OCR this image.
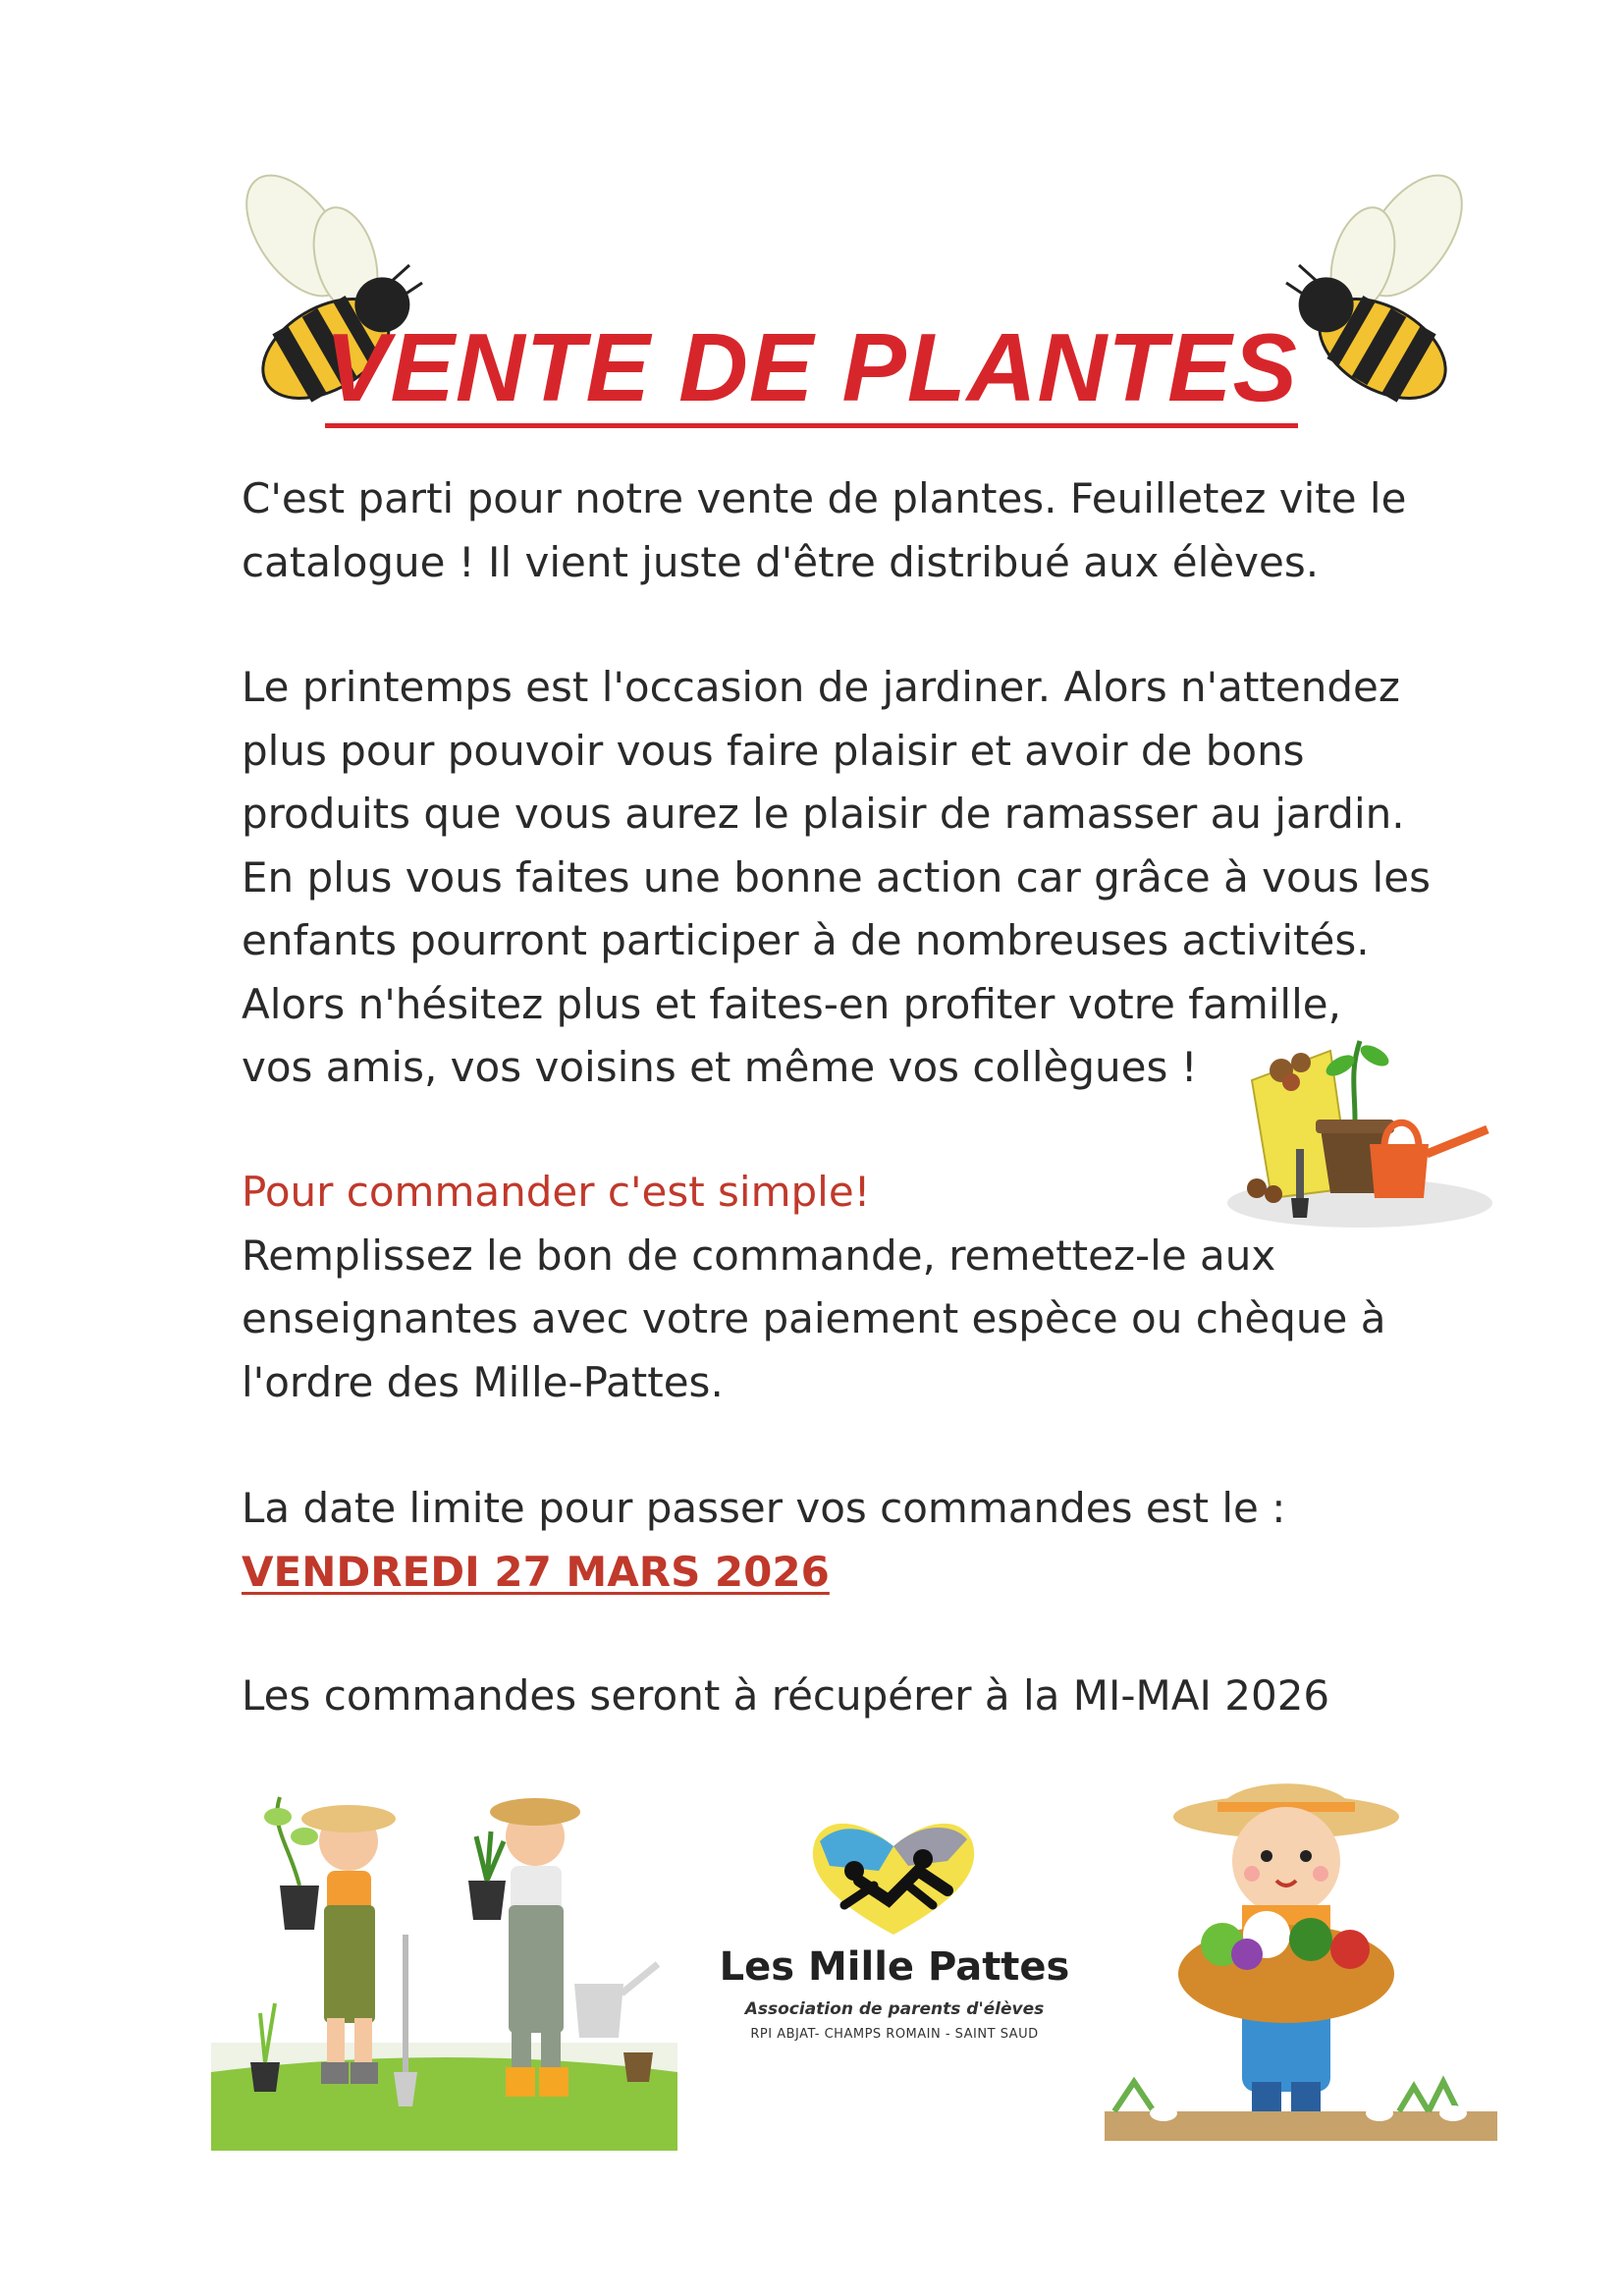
VENTE DE PLANTES

C'est parti pour notre vente de plantes. Feuilletez vite le
catalogue ! Il vient juste d'être distribué aux élèves.

Le printemps est l'occasion de jardiner. Alors n'attendez
plus pour pouvoir vous faire plaisir et avoir de bons
produits que vous aurez le plaisir de ramasser au jardin.
En plus vous faites une bonne action car grâce à vous les
enfants pourront participer à de nombreuses activités.
Alors n'hésitez plus et faites-en profiter votre famille,
vos amis, vos voisins et même vos collègues !

Pour commander c'est simple!
Remplissez le bon de commande, remettez-le aux
enseignantes avec votre paiement espèce ou chèque à
l'ordre des Mille-Pattes.

La date limite pour passer vos commandes est le :
VENDREDI 27 MARS 2026

Les commandes seront à récupérer à la MI-MAI 2026

Les Mille Pattes
Association de parents d'élèves
RPI ABJAT- CHAMPS ROMAIN - SAINT SAUD
